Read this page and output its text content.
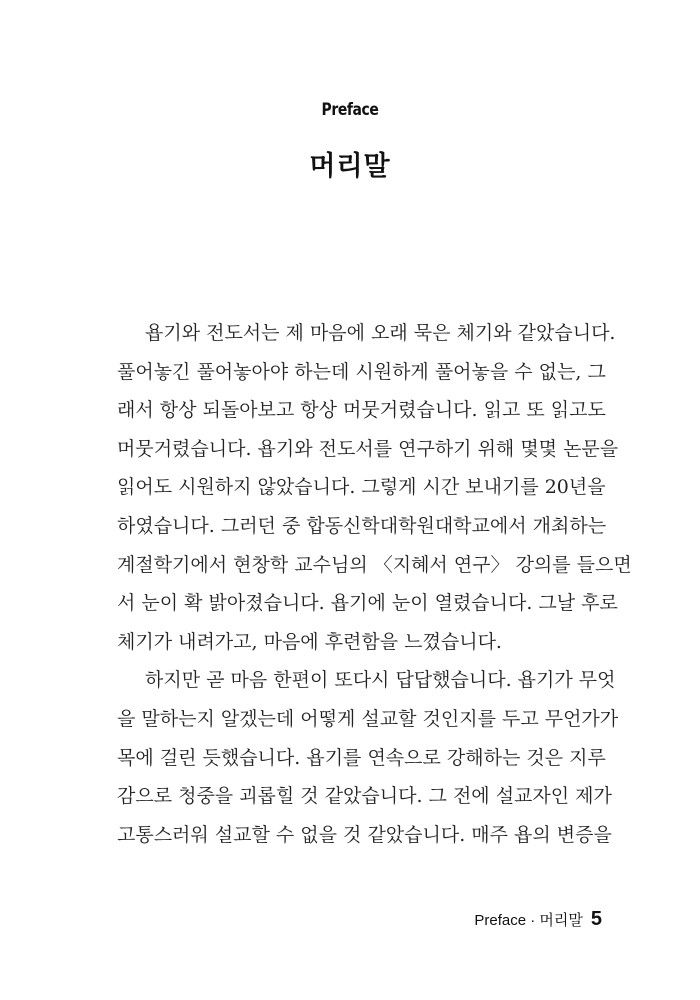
Preface
머리말
욥기와 전도서는 제 마음에 오래 묵은 체기와 같았습니다.
풀어놓긴 풀어놓아야 하는데 시원하게 풀어놓을 수 없는, 그
래서 항상 되돌아보고 항상 머뭇거렸습니다. 읽고 또 읽고도
머뭇거렸습니다. 욥기와 전도서를 연구하기 위해 몇몇 논문을
읽어도 시원하지 않았습니다. 그렇게 시간 보내기를 20년을
하였습니다. 그러던 중 합동신학대학원대학교에서 개최하는
계절학기에서 현창학 교수님의 〈지혜서 연구〉 강의를 들으면
서 눈이 확 밝아졌습니다. 욥기에 눈이 열렸습니다. 그날 후로
체기가 내려가고, 마음에 후련함을 느꼈습니다.
하지만 곧 마음 한편이 또다시 답답했습니다. 욥기가 무엇
을 말하는지 알겠는데 어떻게 설교할 것인지를 두고 무언가가
목에 걸린 듯했습니다. 욥기를 연속으로 강해하는 것은 지루
감으로 청중을 괴롭힐 것 같았습니다. 그 전에 설교자인 제가
고통스러워 설교할 수 없을 것 같았습니다. 매주 욥의 변증을
Preface · 머리말 5
